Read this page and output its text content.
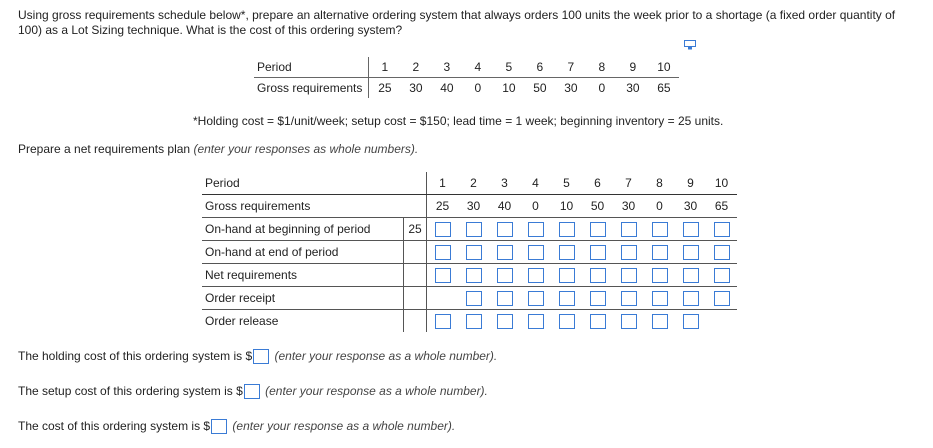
Using gross requirements schedule below*, prepare an alternative ordering system that always orders 100 units the week prior to a shortage (a fixed order quantity of 100) as a Lot Sizing technique. What is the cost of this ordering system?
Period	1	2	3	4	5	6	7	8	9	10
Gross requirements	25	30	40	0	10	50	30	0	30	65
*Holding cost = $1/unit/week; setup cost = $150; lead time = 1 week; beginning inventory = 25 units.
Prepare a net requirements plan (enter your responses as whole numbers).
Period		1	2	3	4	5	6	7	8	9	10
Gross requirements		25	30	40	0	10	50	30	0	30	65
On-hand at beginning of period	25										
On-hand at end of period											
Net requirements											
Order receipt											
Order release											
The holding cost of this ordering system is $ (enter your response as a whole number).
The setup cost of this ordering system is $ (enter your response as a whole number).
The cost of this ordering system is $ (enter your response as a whole number).
